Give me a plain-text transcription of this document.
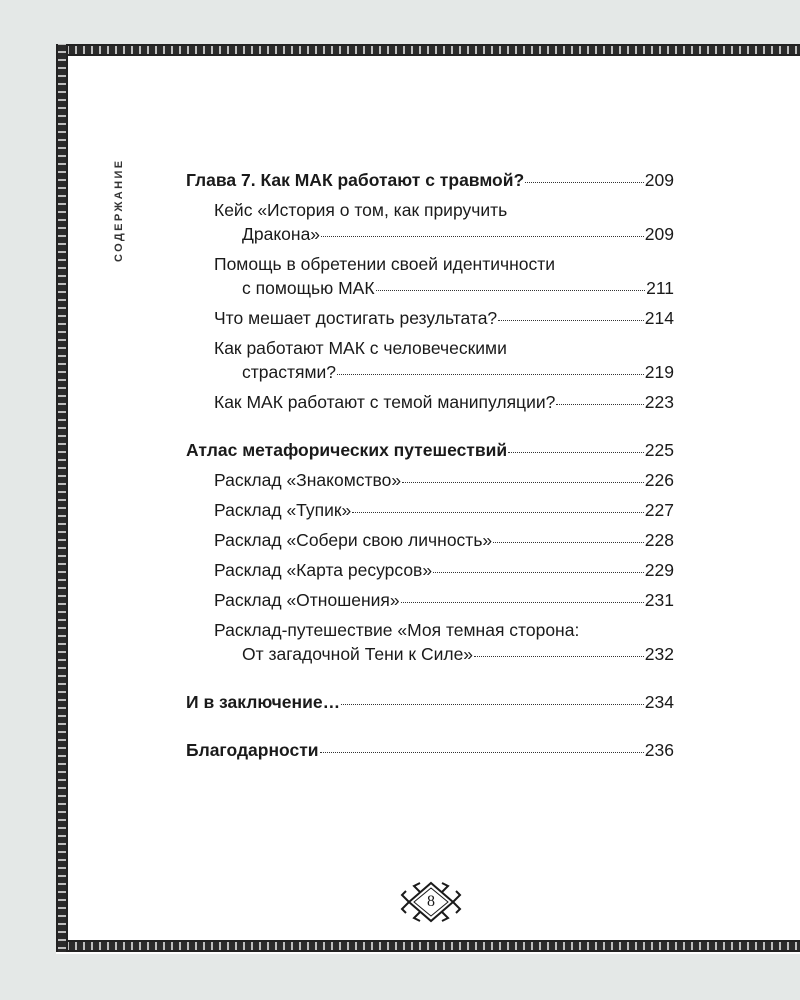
СОДЕРЖАНИЕ	Глава 7. Как МАК работают с травмой?	209
Кейс «История о том, как приручить
Дракона»	209
Помощь в обретении своей идентичности
с помощью МАК	211
Что мешает достигать результата?	214
Как работают МАК с человеческими
страстями?	219
Как МАК работают с темой манипуляции?	223
Атлас метафорических путешествий	225
Расклад «Знакомство»	226
Расклад «Тупик»	227
Расклад «Собери свою личность»	228
Расклад «Карта ресурсов»	229
Расклад «Отношения»	231
Расклад-путешествие «Моя темная сторона:
От загадочной Тени к Силе»	232
И в заключение…	234
Благодарности	236
8
